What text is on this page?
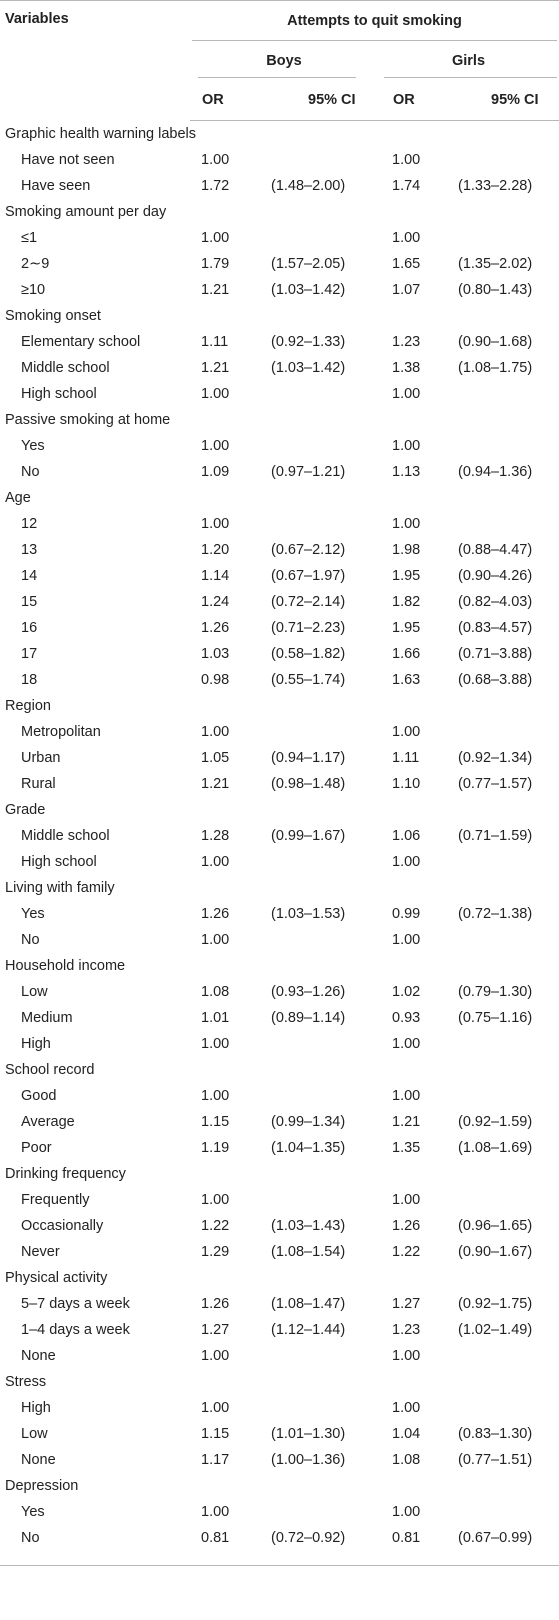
Variables	Attempts to quit smoking			

	Boys		Girls	

	OR	95% CI	OR	95% CI
Graphic health warning labels				
Have not seen	1.00		1.00	
Have seen	1.72	(1.48–2.00)	1.74	(1.33–2.28)
Smoking amount per day				
≤1	1.00		1.00	
2∼9	1.79	(1.57–2.05)	1.65	(1.35–2.02)
≥10	1.21	(1.03–1.42)	1.07	(0.80–1.43)
Smoking onset				
Elementary school	1.11	(0.92–1.33)	1.23	(0.90–1.68)
Middle school	1.21	(1.03–1.42)	1.38	(1.08–1.75)
High school	1.00		1.00	
Passive smoking at home				
Yes	1.00		1.00	
No	1.09	(0.97–1.21)	1.13	(0.94–1.36)
Age				
12	1.00		1.00	
13	1.20	(0.67–2.12)	1.98	(0.88–4.47)
14	1.14	(0.67–1.97)	1.95	(0.90–4.26)
15	1.24	(0.72–2.14)	1.82	(0.82–4.03)
16	1.26	(0.71–2.23)	1.95	(0.83–4.57)
17	1.03	(0.58–1.82)	1.66	(0.71–3.88)
18	0.98	(0.55–1.74)	1.63	(0.68–3.88)
Region				
Metropolitan	1.00		1.00	
Urban	1.05	(0.94–1.17)	1.11	(0.92–1.34)
Rural	1.21	(0.98–1.48)	1.10	(0.77–1.57)
Grade				
Middle school	1.28	(0.99–1.67)	1.06	(0.71–1.59)
High school	1.00		1.00	
Living with family				
Yes	1.26	(1.03–1.53)	0.99	(0.72–1.38)
No	1.00		1.00	
Household income				
Low	1.08	(0.93–1.26)	1.02	(0.79–1.30)
Medium	1.01	(0.89–1.14)	0.93	(0.75–1.16)
High	1.00		1.00	
School record				
Good	1.00		1.00	
Average	1.15	(0.99–1.34)	1.21	(0.92–1.59)
Poor	1.19	(1.04–1.35)	1.35	(1.08–1.69)
Drinking frequency				
Frequently	1.00		1.00	
Occasionally	1.22	(1.03–1.43)	1.26	(0.96–1.65)
Never	1.29	(1.08–1.54)	1.22	(0.90–1.67)
Physical activity				
5–7 days a week	1.26	(1.08–1.47)	1.27	(0.92–1.75)
1–4 days a week	1.27	(1.12–1.44)	1.23	(1.02–1.49)
None	1.00		1.00	
Stress				
High	1.00		1.00	
Low	1.15	(1.01–1.30)	1.04	(0.83–1.30)
None	1.17	(1.00–1.36)	1.08	(0.77–1.51)
Depression				
Yes	1.00		1.00	
No	0.81	(0.72–0.92)	0.81	(0.67–0.99)
